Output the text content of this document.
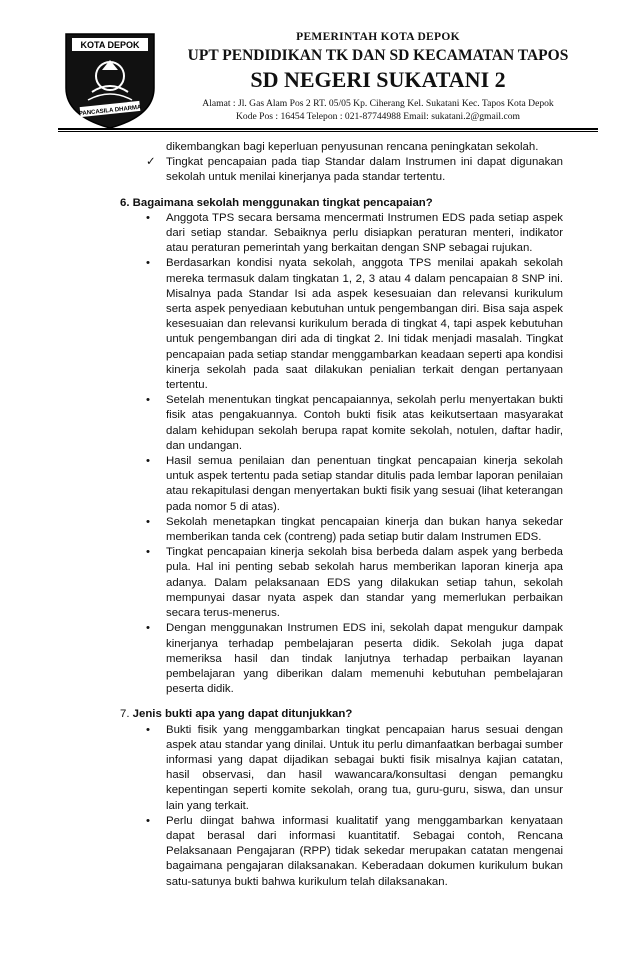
KOTA DEPOK
PANCASILA DHARMA
PEMERINTAH KOTA DEPOK
UPT PENDIDIKAN TK DAN SD KECAMATAN TAPOS
SD NEGERI SUKATANI 2
Alamat : Jl. Gas Alam Pos 2 RT. 05/05 Kp. Ciherang Kel. Sukatani Kec. Tapos Kota Depok
Kode Pos : 16454 Telepon : 021-87744988 Email: sukatani.2@gmail.com
dikembangkan bagi keperluan penyusunan rencana peningkatan sekolah.
✓ Tingkat pencapaian pada tiap Standar dalam Instrumen ini dapat digunakan sekolah untuk menilai kinerjanya pada standar tertentu.
6. Bagaimana sekolah menggunakan tingkat pencapaian?
• Anggota TPS secara bersama mencermati Instrumen EDS pada setiap aspek dari setiap standar. Sebaiknya perlu disiapkan peraturan menteri, indikator atau peraturan pemerintah yang berkaitan dengan SNP sebagai rujukan.
• Berdasarkan kondisi nyata sekolah, anggota TPS menilai apakah sekolah mereka termasuk dalam tingkatan 1, 2, 3 atau 4 dalam pencapaian 8 SNP ini. Misalnya pada Standar Isi ada aspek kesesuaian dan relevansi kurikulum serta aspek penyediaan kebutuhan untuk pengembangan diri. Bisa saja aspek kesesuaian dan relevansi kurikulum berada di tingkat 4, tapi aspek kebutuhan untuk pengembangan diri ada di tingkat 2. Ini tidak menjadi masalah. Tingkat pencapaian pada setiap standar menggambarkan keadaan seperti apa kondisi kinerja sekolah pada saat dilakukan penialian terkait dengan pertanyaan tertentu.
• Setelah menentukan tingkat pencapaiannya, sekolah perlu menyertakan bukti fisik atas pengakuannya. Contoh bukti fisik atas keikutsertaan masyarakat dalam kehidupan sekolah berupa rapat komite sekolah, notulen, daftar hadir, dan undangan.
• Hasil semua penilaian dan penentuan tingkat pencapaian kinerja sekolah untuk aspek tertentu pada setiap standar ditulis pada lembar laporan penilaian atau rekapitulasi dengan menyertakan bukti fisik yang sesuai (lihat keterangan pada nomor 5 di atas).
• Sekolah menetapkan tingkat pencapaian kinerja dan bukan hanya sekedar memberikan tanda cek (contreng) pada setiap butir dalam Instrumen EDS.
• Tingkat pencapaian kinerja sekolah bisa berbeda dalam aspek yang berbeda pula. Hal ini penting sebab sekolah harus memberikan laporan kinerja apa adanya. Dalam pelaksanaan EDS yang dilakukan setiap tahun, sekolah mempunyai dasar nyata aspek dan standar yang memerlukan perbaikan secara terus-menerus.
• Dengan menggunakan Instrumen EDS ini, sekolah dapat mengukur dampak kinerjanya terhadap pembelajaran peserta didik. Sekolah juga dapat memeriksa hasil dan tindak lanjutnya terhadap perbaikan layanan pembelajaran yang diberikan dalam memenuhi kebutuhan pembelajaran peserta didik.
7. Jenis bukti apa yang dapat ditunjukkan?
• Bukti fisik yang menggambarkan tingkat pencapaian harus sesuai dengan aspek atau standar yang dinilai. Untuk itu perlu dimanfaatkan berbagai sumber informasi yang dapat dijadikan sebagai bukti fisik misalnya kajian catatan, hasil observasi, dan hasil wawancara/konsultasi dengan pemangku kepentingan seperti komite sekolah, orang tua, guru-guru, siswa, dan unsur lain yang terkait.
• Perlu diingat bahwa informasi kualitatif yang menggambarkan kenyataan dapat berasal dari informasi kuantitatif. Sebagai contoh, Rencana Pelaksanaan Pengajaran (RPP) tidak sekedar merupakan catatan mengenai bagaimana pengajaran dilaksanakan. Keberadaan dokumen kurikulum bukan satu-satunya bukti bahwa kurikulum telah dilaksanakan.
